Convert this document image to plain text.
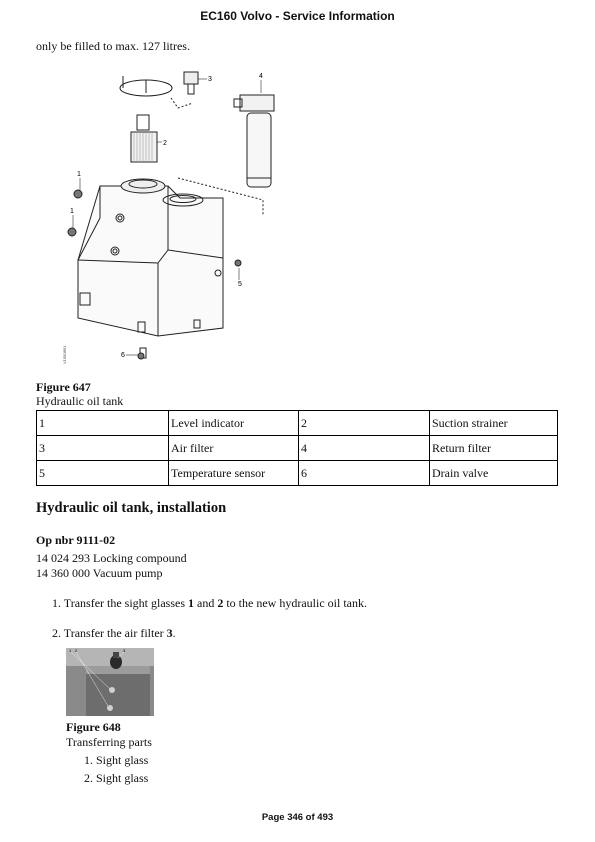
EC160 Volvo - Service Information
only be filled to max. 127 litres.
1
1
2
3	4
5
6
V1050891
Figure 647
Hydraulic oil tank
1	Level indicator	2	Suction strainer
3	Air filter	4	Return filter
5	Temperature sensor	6	Drain valve
Hydraulic oil tank, installation
Op nbr 9111-02
14 024 293 Locking compound
14 360 000 Vacuum pump
1. Transfer the sight glasses 1 and 2 to the new hydraulic oil tank.
2. Transfer the air filter 3.
1 2	3
Figure 648
Transferring parts
1. Sight glass
2. Sight glass
Page 346 of 493
